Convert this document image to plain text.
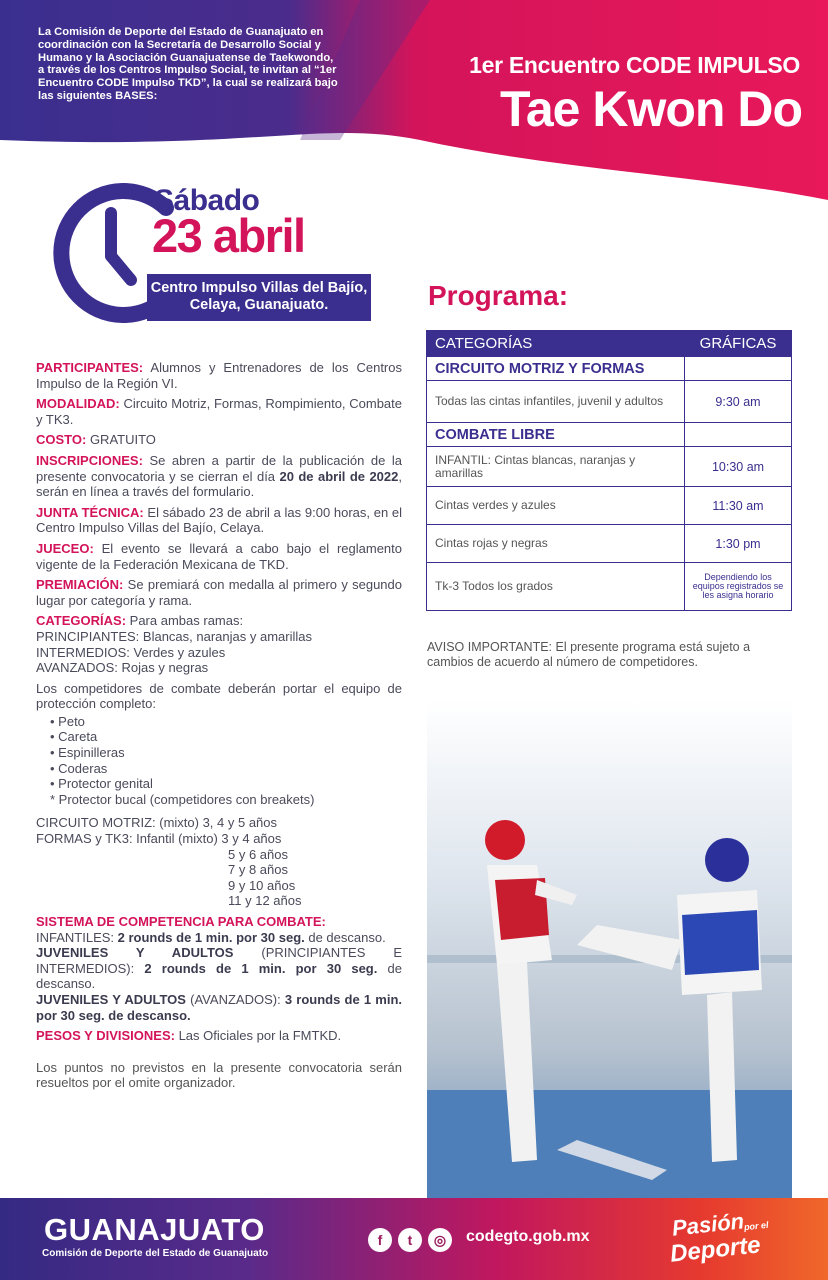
La Comisión de Deporte del Estado de Guanajuato en coordinación con la Secretaría de Desarrollo Social y Humano y la Asociación Guanajuatense de Taekwondo, a través de los Centros Impulso Social, te invitan al “1er Encuentro CODE Impulso TKD”, la cual se realizará bajo las siguientes BASES:
1er Encuentro CODE IMPULSO
Tae Kwon Do
Sábado
23 abril
Centro Impulso Villas del Bajío, Celaya, Guanajuato.

PARTICIPANTES: Alumnos y Entrenadores de los Centros Impulso de la Región VI.

MODALIDAD: Circuito Motriz, Formas, Rompimiento, Combate y TK3.

COSTO: GRATUITO

INSCRIPCIONES: Se abren a partir de la publicación de la presente convocatoria y se cierran el día 20 de abril de 2022, serán en línea a través del formulario.

JUNTA TÉCNICA: El sábado 23 de abril a las 9:00 horas, en el Centro Impulso Villas del Bajío, Celaya.

JUECEO: El evento se llevará a cabo bajo el reglamento vigente de la Federación Mexicana de TKD.

PREMIACIÓN: Se premiará con medalla al primero y segundo lugar por categoría y rama.

CATEGORÍAS: Para ambas ramas:
PRINCIPIANTES: Blancas, naranjas y amarillas
INTERMEDIOS: Verdes y azules
AVANZADOS: Rojas y negras

Los competidores de combate deberán portar el equipo de protección completo:

• Peto
• Careta
• Espinilleras
• Coderas
• Protector genital
* Protector bucal (competidores con breakets)
CIRCUITO MOTRIZ: (mixto) 3, 4 y 5 años
FORMAS y TK3: Infantil (mixto) 3 y 4 años
5 y 6 años
7 y 8 años
9 y 10 años
11 y 12 años
SISTEMA DE COMPETENCIA PARA COMBATE:

INFANTILES: 2 rounds de 1 min. por 30 seg. de descanso.

JUVENILES Y ADULTOS (PRINCIPIANTES E INTERMEDIOS): 2 rounds de 1 min. por 30 seg. de descanso.

JUVENILES Y ADULTOS (AVANZADOS): 3 rounds de 1 min. por 30 seg. de descanso.

PESOS Y DIVISIONES: Las Oficiales por la FMTKD.

Los puntos no previstos en la presente convocatoria serán resueltos por el omite organizador.

Programa:
CATEGORÍAS	GRÁFICAS
CIRCUITO MOTRIZ Y FORMAS	
Todas las cintas infantiles, juvenil y adultos	9:30 am
COMBATE LIBRE	
INFANTIL: Cintas blancas, naranjas y amarillas	10:30 am
Cintas verdes y azules	11:30 am
Cintas rojas y negras	1:30 pm
Tk-3 Todos los grados	Dependiendo los equipos registrados se les asigna horario
AVISO IMPORTANTE: El presente programa está sujeto a cambios de acuerdo al número de competidores.
GUANAJUATO
Comisión de Deporte del Estado de Guanajuato
f	t	◎	codegto.gob.mx	Pasión
por el
Deporte
